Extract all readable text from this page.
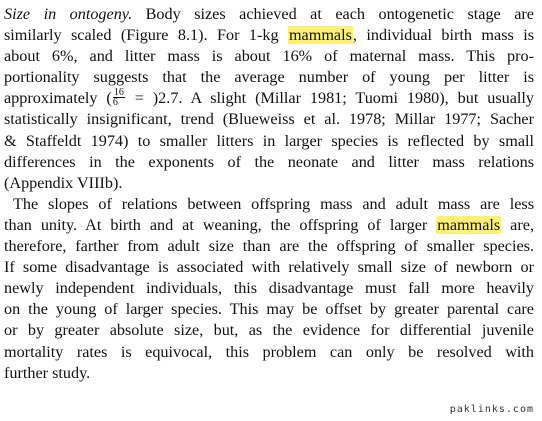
Size in ontogeny. Body sizes achieved at each ontogenetic stage are
similarly scaled (Figure 8.1). For 1-kg mammals, individual birth mass is
about 6%, and litter mass is about 16% of maternal mass. This pro-
portionality suggests that the average number of young per litter is
approximately ( $\frac{16}{6} = )2.7$. A slight (Millar 1981; Tuomi 1980), but usually
statistically insignificant, trend (Blueweiss et al. 1978; Millar 1977; Sacher
& Staffeldt 1974) to smaller litters in larger species is reflected by small
differences in the exponents of the neonate and litter mass relations
(Appendix VIIIb).
The slopes of relations between offspring mass and adult mass are less
than unity. At birth and at weaning, the offspring of larger mammals are,
therefore, farther from adult size than are the offspring of smaller species.
If some disadvantage is associated with relatively small size of newborn or
newly independent individuals, this disadvantage must fall more heavily
on the young of larger species. This may be offset by greater parental care
or by greater absolute size, but, as the evidence for differential juvenile
mortality rates is equivocal, this problem can only be resolved with
further study.
paklinks.com
